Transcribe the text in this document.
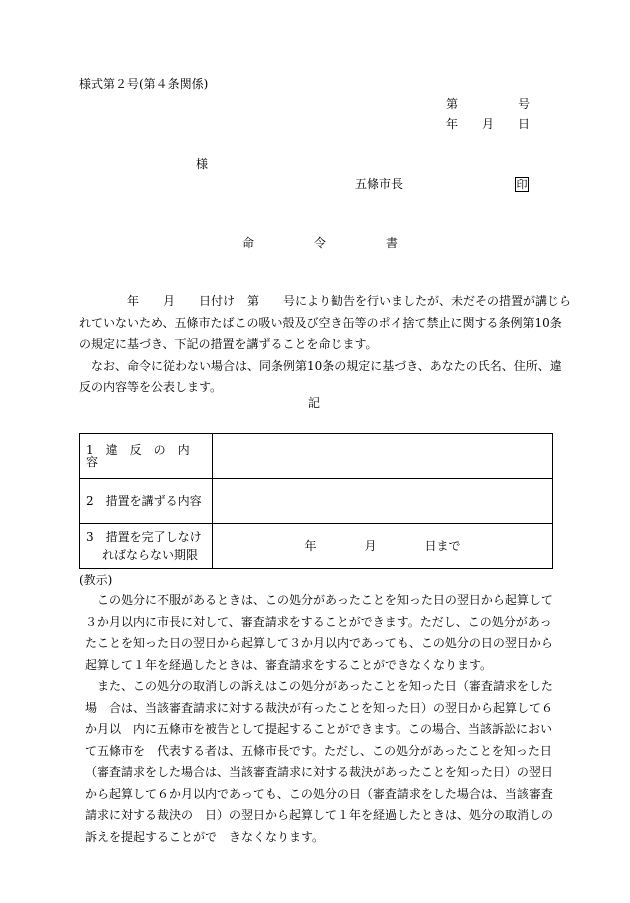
様式第２号(第４条関係)
第　　　　　号
年　　月　　日
様
五條市長	印
命　　　　　令　　　　　書
　　年　　月　　日付け　第　　号により勧告を行いましたが、未だその措置が講じら
れていないため、五條市たばこの吸い殻及び空き缶等のポイ捨て禁止に関する条例第10条
の規定に基づき、下記の措置を講ずることを命じます。
　なお、命令に従わない場合は、同条例第10条の規定に基づき、あなたの氏名、住所、違
反の内容等を公表します。
記
1　違　反　の　内　容	
2　措置を講ずる内容	
3　措置を完了しなけ
ればならない期限	年　　　　月　　　　日まで
(教示)
　この処分に不服があるときは、この処分があったことを知った日の翌日から起算して
３か月以内に市長に対して、審査請求をすることができます。ただし、この処分があっ
たことを知った日の翌日から起算して３か月以内であっても、この処分の日の翌日から
起算して１年を経過したときは、審査請求をすることができなくなります。
　また、この処分の取消しの訴えはこの処分があったことを知った日（審査請求をした
場　合は、当該審査請求に対する裁決が有ったことを知った日）の翌日から起算して６
か月以　内に五條市を被告として提起することができます。この場合、当該訴訟におい
て五條市を　代表する者は、五條市長です。ただし、この処分があったことを知った日
（審査請求をした場合は、当該審査請求に対する裁決があったことを知った日）の翌日
から起算して６か月以内であっても、この処分の日（審査請求をした場合は、当該審査
請求に対する裁決の　日）の翌日から起算して１年を経過したときは、処分の取消しの
訴えを提起することがで　きなくなります。
